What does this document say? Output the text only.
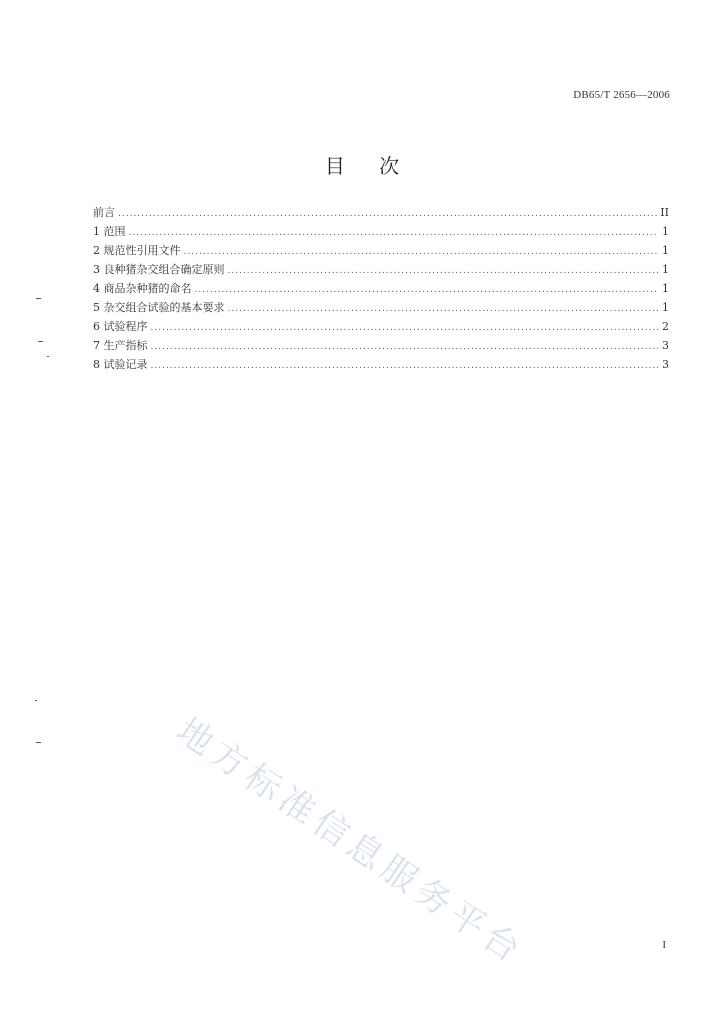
DB65/T 2656—2006
目 次
前言 .....	II
1 范围 .....	1
2 规范性引用文件 .....	1
3 良种猪杂交组合确定原则 .....	1
4 商品杂种猪的命名 .....	1
5 杂交组合试验的基本要求 .....	1
6 试验程序 .....	2
7 生产指标 .....	3
8 试验记录 .....	3
地方标准信息服务平台	I
